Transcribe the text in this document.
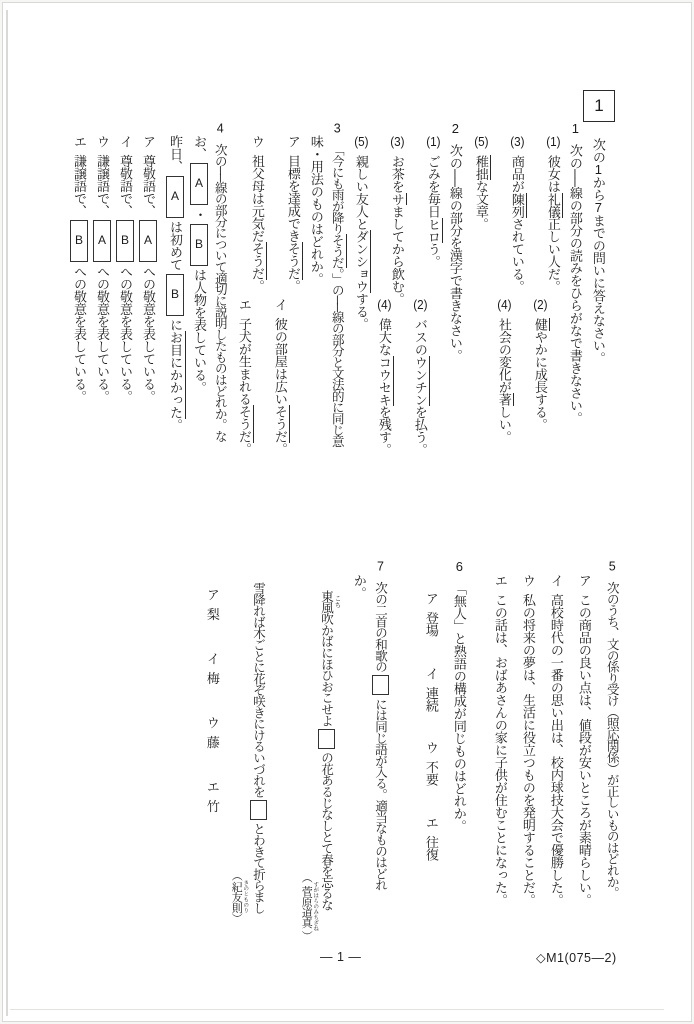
1
次の1から7までの問いに答えなさい。
1次の──線の部分の読みをひらがなで書きなさい。
(1)彼女は礼儀正しい人だ。
(2)健やかに成長する。
(3)商品が陳列されている。
(4)社会の変化が著しい。
(5)稚拙な文章。
2次の──線の部分を漢字で書きなさい。
(1)ごみを毎日ヒロう。
(2)バスのウンチンを払う。
(3)お茶をサましてから飲む。
(4)偉大なコウセキを残す。
(5)親しい友人とダンショウする。
3「今にも雨が降りそうだ。」の──線の部分と文法的に同じ意
味・用法のものはどれか。
ア目標を達成できそうだ。
イ彼の部屋は広いそうだ。
ウ祖父母は元気だそうだ。
エ子犬が生まれるそうだ。
4次の──線の部分について適切に説明したものはどれか。な
お、
A
・
B
は人物を表している。
昨日、
A
は初めて
B
にお目にかかった。
ア尊敬語で、
A
への敬意を表している。
イ尊敬語で、
B
への敬意を表している。
ウ謙譲語で、
A
への敬意を表している。
エ謙譲語で、
B
への敬意を表している。
5次のうち、文の係り受け（照応関係）が正しいものはどれか。
アこの商品の良い点は、値段が安いところが素晴らしい。
イ高校時代の一番の思い出は、校内球技大会で優勝した。
ウ私の将来の夢は、生活に役立つものを発明することだ。
エこの話は、おばあさんの家に子供が住むことになった。
6「無人」と熟語の構成が同じものはどれか。
ア登場イ連続ウ不要エ往復
7次の二首の和歌のには同じ語が入る。適当なものはどれ
か。
東風 こち吹かばにほひおこせよの花あるじなしとて春を忘るな
（菅原道真 すがはらのみちざね）
雪降れば木ごとに花ぞ咲きにけるいづれをとわきて折らまし
（紀友則 きのとものり）
ア梨イ梅ウ藤エ竹
― 1 ―	◇M1(075―2)
